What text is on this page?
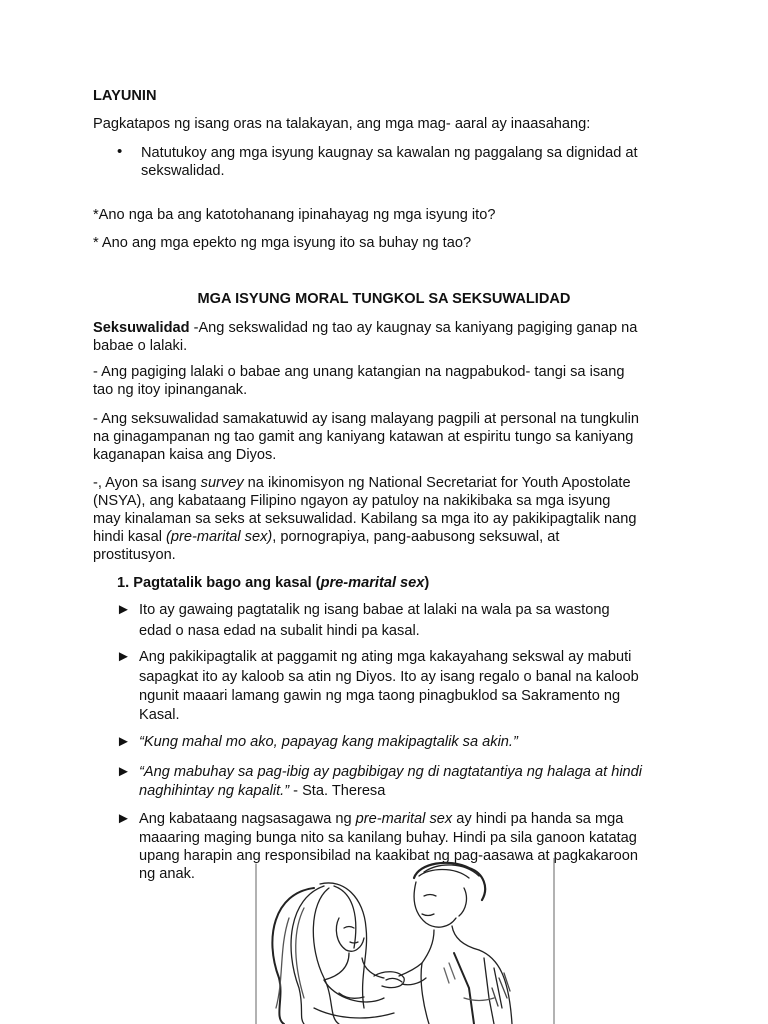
LAYUNIN
Pagkatapos ng isang oras na talakayan, ang mga mag- aaral ay inaasahang:
• Natutukoy ang mga isyung kaugnay sa kawalan ng paggalang sa dignidad at
sekswalidad.
*Ano nga ba ang katotohanang ipinahayag ng mga isyung ito?
* Ano ang mga epekto ng mga isyung ito sa buhay ng tao?
MGA ISYUNG MORAL TUNGKOL SA SEKSUWALIDAD
Seksuwalidad -Ang sekswalidad ng tao ay kaugnay sa kaniyang pagiging ganap na
babae o lalaki.
- Ang pagiging lalaki o babae ang unang katangian na nagpabukod- tangi sa isang
tao ng itoy ipinanganak.
- Ang seksuwalidad samakatuwid ay isang malayang pagpili at personal na tungkulin
na ginagampanan ng tao gamit ang kaniyang katawan at espiritu tungo sa kaniyang
kaganapan kaisa ang Diyos.
-, Ayon sa isang survey na ikinomisyon ng National Secretariat for Youth Apostolate
(NSYA), ang kabataang Filipino ngayon ay patuloy na nakikibaka sa mga isyung
may kinalaman sa seks at seksuwalidad. Kabilang sa mga ito ay pakikipagtalik nang
hindi kasal (pre-marital sex), pornograpiya, pang-aabusong seksuwal, at
prostitusyon.
1. Pagtatalik bago ang kasal (pre-marital sex)
► Ito ay gawaing pagtatalik ng isang babae at lalaki na wala pa sa wastong
edad o nasa edad na subalit hindi pa kasal.
► Ang pakikipagtalik at paggamit ng ating mga kakayahang sekswal ay mabuti
sapagkat ito ay kaloob sa atin ng Diyos. Ito ay isang regalo o banal na kaloob
ngunit maaari lamang gawin ng mga taong pinagbuklod sa Sakramento ng
Kasal.
► “Kung mahal mo ako, papayag kang makipagtalik sa akin.”
► “Ang mabuhay sa pag-ibig ay pagbibigay ng di nagtatantiya ng halaga at hindi
naghihintay ng kapalit.” - Sta. Theresa
► Ang kabataang nagsasagawa ng pre-marital sex ay hindi pa handa sa mga
maaaring maging bunga nito sa kanilang buhay. Hindi pa sila ganoon katatag
upang harapin ang responsibilad na kaakibat ng pag-aasawa at pagkakaroon
ng anak.
